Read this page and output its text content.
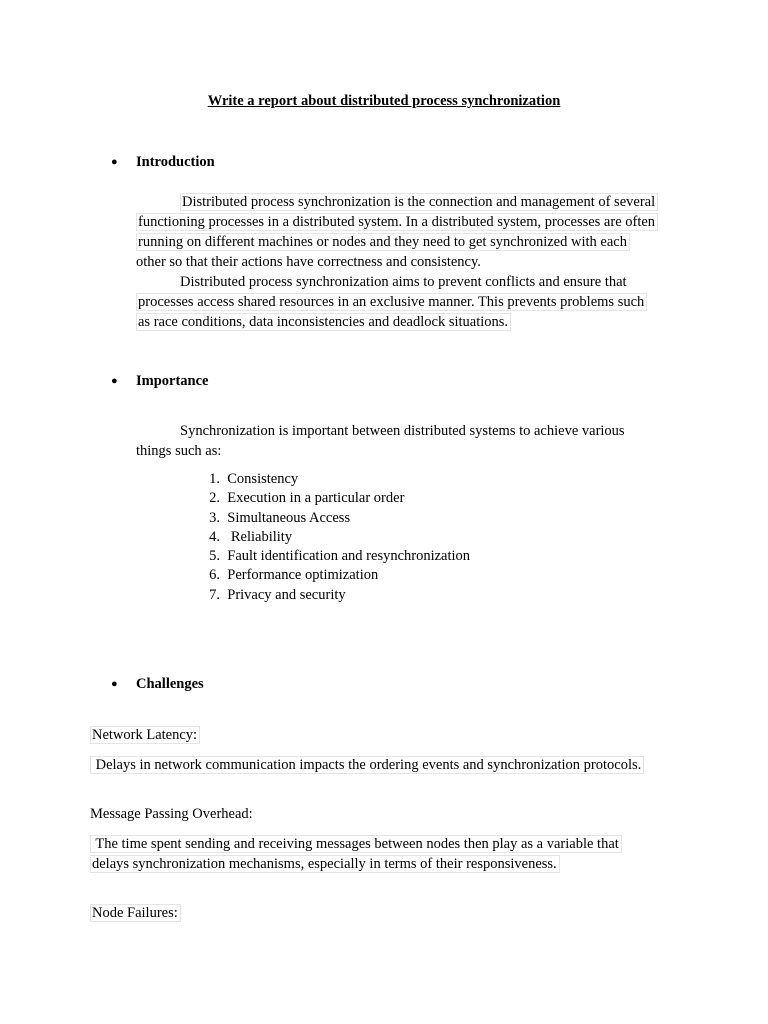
Write a report about distributed process synchronization
● Introduction
Distributed process synchronization is the connection and management of several
functioning processes in a distributed system. In a distributed system, processes are often
running on different machines or nodes and they need to get synchronized with each
other so that their actions have correctness and consistency.
Distributed process synchronization aims to prevent conflicts and ensure that
processes access shared resources in an exclusive manner. This prevents problems such
as race conditions, data inconsistencies and deadlock situations.
● Importance
Synchronization is important between distributed systems to achieve various
things such as:
1. Consistency
2. Execution in a particular order
3. Simultaneous Access
4.   Reliability
5. Fault identification and resynchronization
6. Performance optimization
7. Privacy and security
● Challenges
Network Latency:
Delays in network communication impacts the ordering events and synchronization protocols.
Message Passing Overhead:
The time spent sending and receiving messages between nodes then play as a variable that
delays synchronization mechanisms, especially in terms of their responsiveness.
Node Failures:
